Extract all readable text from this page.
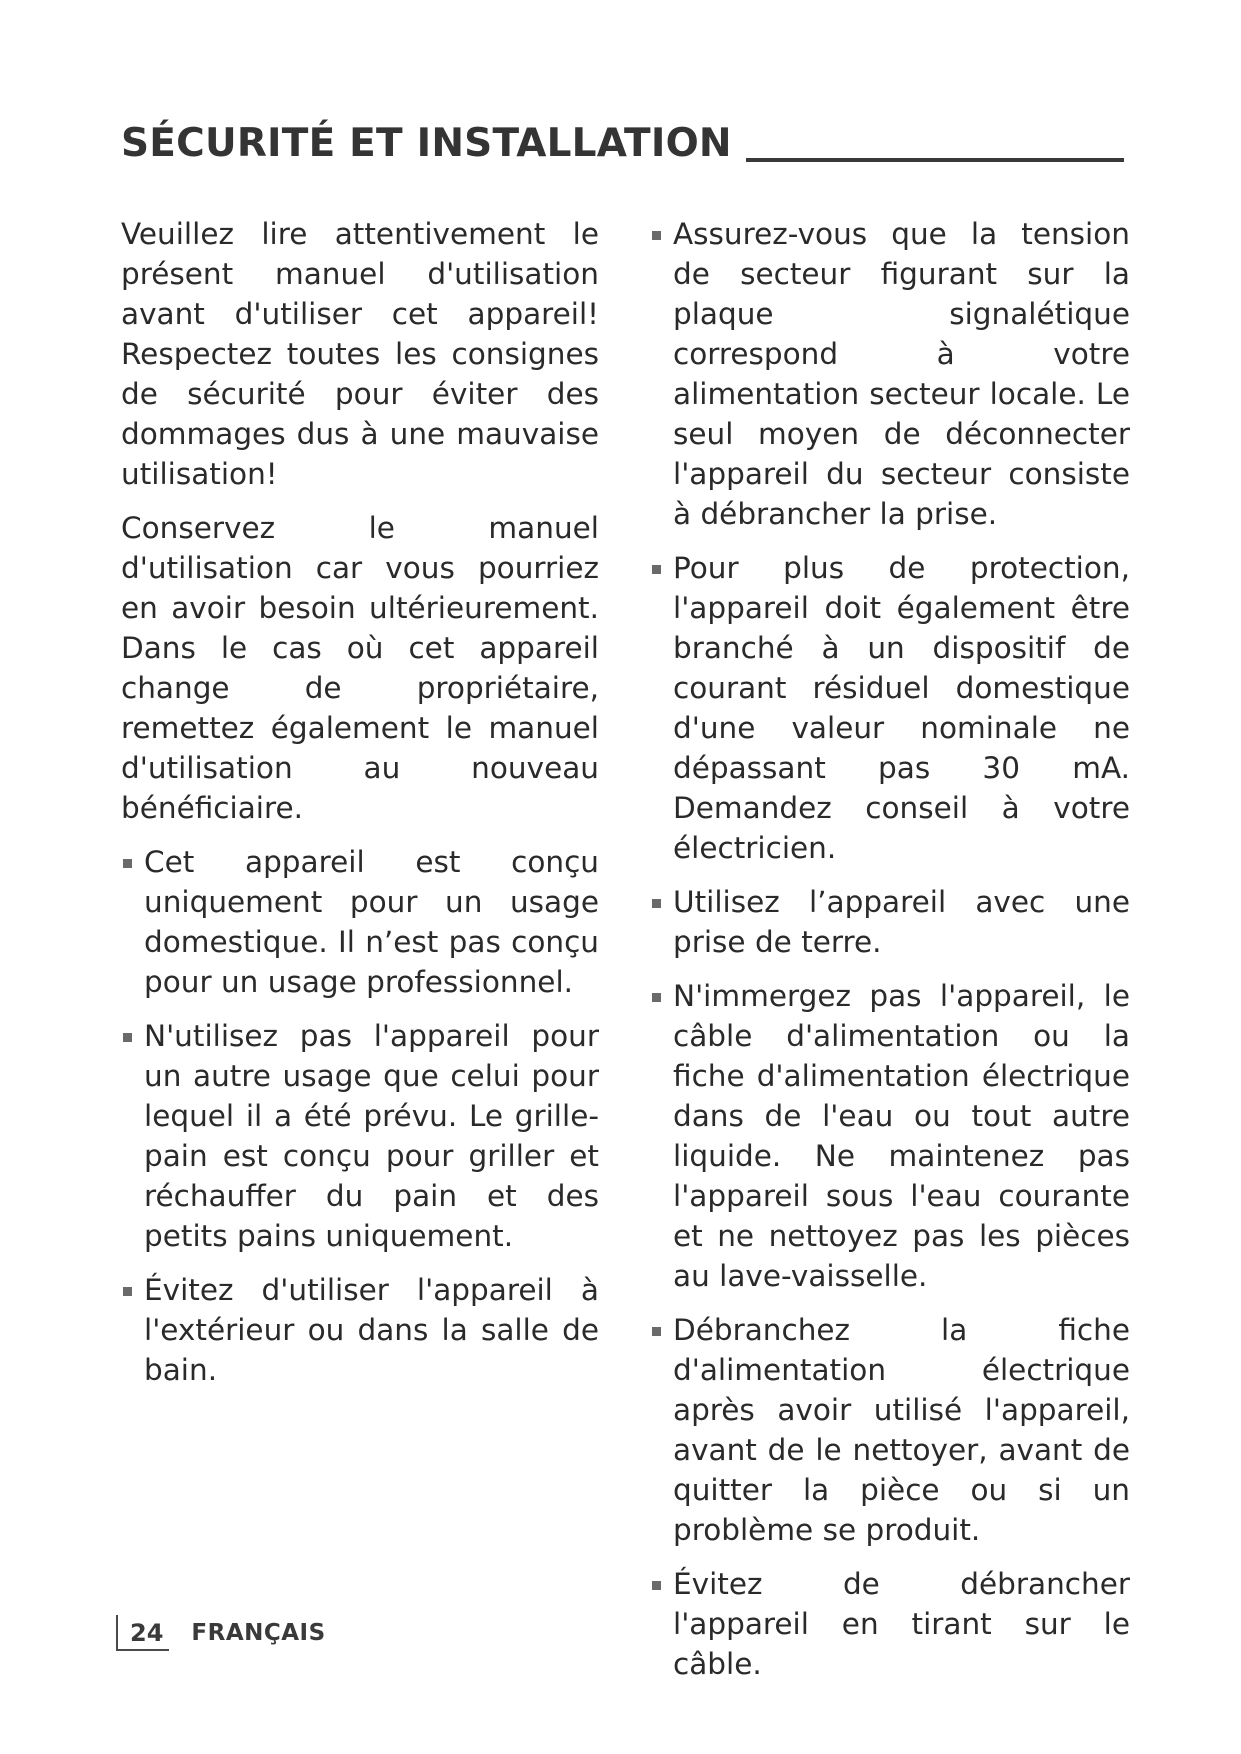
SÉCURITÉ ET INSTALLATION

Veuillez lire attentivement le présent manuel d'utilisation avant d'utiliser cet appareil! Respectez toutes les consignes de sécurité pour éviter des dommages dus à une mauvaise utilisation!

Conservez le manuel d'utilisation car vous pourriez en avoir besoin ultérieurement. Dans le cas où cet appareil change de propriétaire, remettez également le manuel d'utilisation au nouveau bénéficiaire.

Cet appareil est conçu uniquement pour un usage domestique. Il n’est pas conçu pour un usage professionnel.
N'utilisez pas l'appareil pour un autre usage que celui pour lequel il a été prévu. Le grille-pain est conçu pour griller et réchauffer du pain et des petits pains uniquement.
Évitez d'utiliser l'appareil à l'extérieur ou dans la salle de bain.
Assurez-vous que la tension de secteur figurant sur la plaque signalétique correspond à votre alimentation secteur locale. Le seul moyen de déconnecter l'appareil du secteur consiste à débrancher la prise.
Pour plus de protection, l'appareil doit également être branché à un dispositif de courant résiduel domestique d'une valeur nominale ne dépassant pas 30 mA. Demandez conseil à votre électricien.
Utilisez l’appareil avec une prise de terre.
N'immergez pas l'appareil, le câble d'alimentation ou la fiche d'alimentation électrique dans de l'eau ou tout autre liquide. Ne maintenez pas l'appareil sous l'eau courante et ne nettoyez pas les pièces au lave-vaisselle.
Débranchez la fiche d'alimentation électrique après avoir utilisé l'appareil, avant de le nettoyer, avant de quitter la pièce ou si un problème se produit.
Évitez de débrancher l'appareil en tirant sur le câble.
24 FRANÇAIS
